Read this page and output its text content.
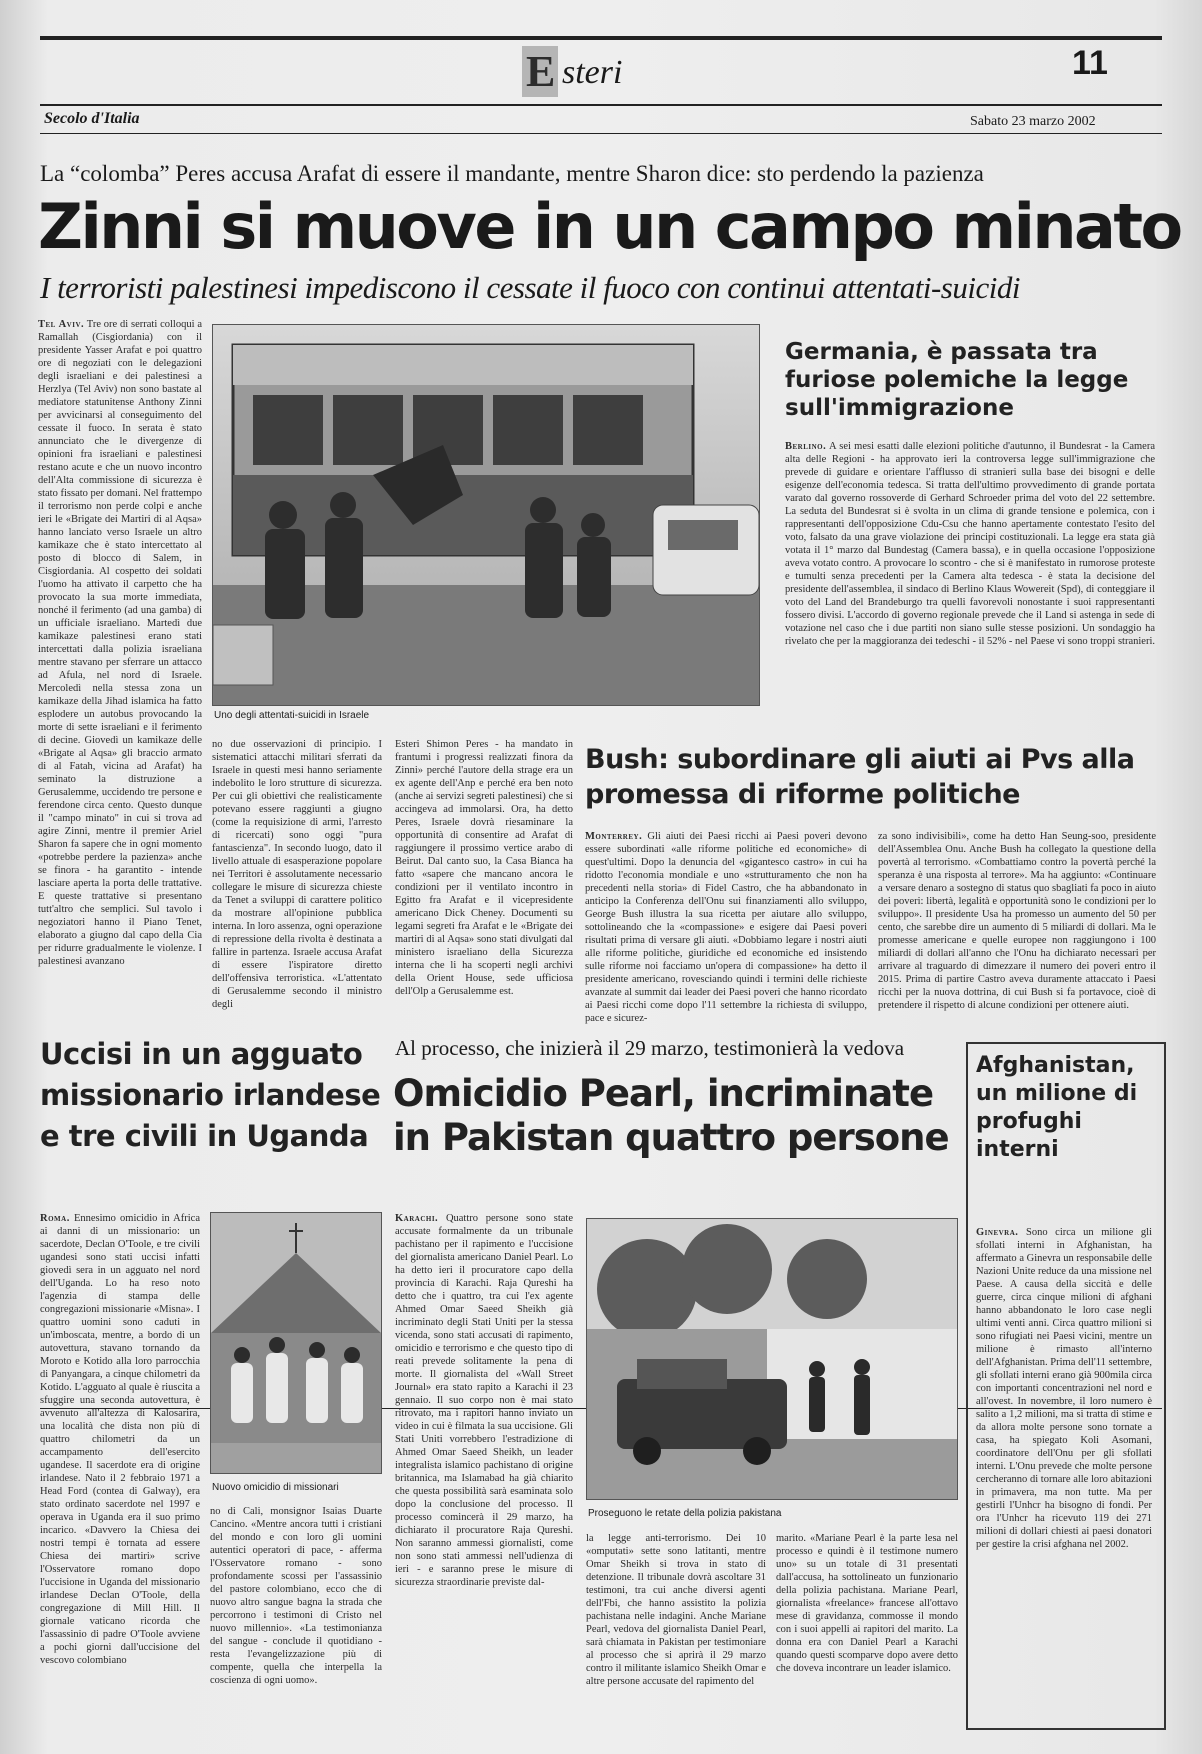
E steri	11
Secolo d'Italia	Sabato 23 marzo 2002
La “colomba” Peres accusa Arafat di essere il mandante, mentre Sharon dice: sto perdendo la pazienza
Zinni si muove in un campo minato
I terroristi palestinesi impediscono il cessate il fuoco con continui attentati-suicidi
Tel Aviv. Tre ore di serrati colloqui a Ramallah (Cisgiordania) con il presidente Yasser Arafat e poi quattro ore di negoziati con le delegazioni degli israeliani e dei palestinesi a Herzlya (Tel Aviv) non sono bastate al mediatore statunitense Anthony Zinni per avvicinarsi al conseguimento del cessate il fuoco. In serata è stato annunciato che le divergenze di opinioni fra israeliani e palestinesi restano acute e che un nuovo incontro dell'Alta commissione di sicurezza è stato fissato per domani. Nel frattempo il terrorismo non perde colpi e anche ieri le «Brigate dei Martiri di al Aqsa» hanno lanciato verso Israele un altro kamikaze che è stato intercettato al posto di blocco di Salem, in Cisgiordania. Al cospetto dei soldati l'uomo ha attivato il carpetto che ha provocato la sua morte immediata, nonché il ferimento (ad una gamba) di un ufficiale israeliano. Martedì due kamikaze palestinesi erano stati intercettati dalla polizia israeliana mentre stavano per sferrare un attacco ad Afula, nel nord di Israele. Mercoledì nella stessa zona un kamikaze della Jihad islamica ha fatto esplodere un autobus provocando la morte di sette israeliani e il ferimento di decine. Giovedì un kamikaze delle «Brigate al Aqsa» gli braccio armato di al Fatah, vicina ad Arafat) ha seminato la distruzione a Gerusalemme, uccidendo tre persone e ferendone circa cento. Questo dunque il "campo minato" in cui si trova ad agire Zinni, mentre il premier Ariel Sharon fa sapere che in ogni momento «potrebbe perdere la pazienza» anche se finora - ha garantito - intende lasciare aperta la porta delle trattative. E queste trattative si presentano tutt'altro che semplici. Sul tavolo i negoziatori hanno il Piano Tenet, elaborato a giugno dal capo della Cia per ridurre gradualmente le violenze. I palestinesi avanzano
Uno degli attentati-suicidi in Israele
no due osservazioni di principio. I sistematici attacchi militari sferrati da Israele in questi mesi hanno seriamente indebolito le loro strutture di sicurezza. Per cui gli obiettivi che realisticamente potevano essere raggiunti a giugno (come la requisizione di armi, l'arresto di ricercati) sono oggi "pura fantascienza". In secondo luogo, dato il livello attuale di esasperazione popolare nei Territori è assolutamente necessario collegare le misure di sicurezza chieste da Tenet a sviluppi di carattere politico da mostrare all'opinione pubblica interna. In loro assenza, ogni operazione di repressione della rivolta è destinata a fallire in partenza. Israele accusa Arafat di essere l'ispiratore diretto dell'offensiva terroristica. «L'attentato di Gerusalemme secondo il ministro degli
Esteri Shimon Peres - ha mandato in frantumi i progressi realizzati finora da Zinni» perché l'autore della strage era un ex agente dell'Anp e perché era ben noto (anche ai servizi segreti palestinesi) che si accingeva ad immolarsi. Ora, ha detto Peres, Israele dovrà riesaminare la opportunità di consentire ad Arafat di raggiungere il prossimo vertice arabo di Beirut. Dal canto suo, la Casa Bianca ha fatto «sapere che mancano ancora le condizioni per il ventilato incontro in Egitto fra Arafat e il vicepresidente americano Dick Cheney. Documenti su legami segreti fra Arafat e le «Brigate dei martiri di al Aqsa» sono stati divulgati dal ministero israeliano della Sicurezza interna che li ha scoperti negli archivi della Orient House, sede ufficiosa dell'Olp a Gerusalemme est.
Germania, è passata tra furiose polemiche la legge sull'immigrazione
Berlino. A sei mesi esatti dalle elezioni politiche d'autunno, il Bundesrat - la Camera alta delle Regioni - ha approvato ieri la controversa legge sull'immigrazione che prevede di guidare e orientare l'afflusso di stranieri sulla base dei bisogni e delle esigenze dell'economia tedesca. Si tratta dell'ultimo provvedimento di grande portata varato dal governo rossoverde di Gerhard Schroeder prima del voto del 22 settembre. La seduta del Bundesrat si è svolta in un clima di grande tensione e polemica, con i rappresentanti dell'opposizione Cdu-Csu che hanno apertamente contestato l'esito del voto, falsato da una grave violazione dei principi costituzionali. La legge era stata già votata il 1° marzo dal Bundestag (Camera bassa), e in quella occasione l'opposizione aveva votato contro. A provocare lo scontro - che si è manifestato in rumorose proteste e tumulti senza precedenti per la Camera alta tedesca - è stata la decisione del presidente dell'assemblea, il sindaco di Berlino Klaus Wowereit (Spd), di conteggiare il voto del Land del Brandeburgo tra quelli favorevoli nonostante i suoi rappresentanti fossero divisi. L'accordo di governo regionale prevede che il Land si astenga in sede di votazione nel caso che i due partiti non siano sulle stesse posizioni. Un sondaggio ha rivelato che per la maggioranza dei tedeschi - il 52% - nel Paese vi sono troppi stranieri.
Bush: subordinare gli aiuti ai Pvs alla promessa di riforme politiche
Monterrey. Gli aiuti dei Paesi ricchi ai Paesi poveri devono essere subordinati «alle riforme politiche ed economiche» di quest'ultimi. Dopo la denuncia del «gigantesco castro» in cui ha ridotto l'economia mondiale e uno «strutturamento che non ha precedenti nella storia» di Fidel Castro, che ha abbandonato in anticipo la Conferenza dell'Onu sui finanziamenti allo sviluppo, George Bush illustra la sua ricetta per aiutare allo sviluppo, sottolineando che la «compassione» e esigere dai Paesi poveri risultati prima di versare gli aiuti. «Dobbiamo legare i nostri aiuti alle riforme politiche, giuridiche ed economiche ed insistendo sulle riforme noi facciamo un'opera di compassione» ha detto il presidente americano, rovesciando quindi i termini delle richieste avanzate al summit dai leader dei Paesi poveri che hanno ricordato ai Paesi ricchi come dopo l'11 settembre la richiesta di sviluppo, pace e sicurez-
za sono indivisibili», come ha detto Han Seung-soo, presidente dell'Assemblea Onu. Anche Bush ha collegato la questione della povertà al terrorismo. «Combattiamo contro la povertà perché la speranza è una risposta al terrore». Ma ha aggiunto: «Continuare a versare denaro a sostegno di status quo sbagliati fa poco in aiuto dei poveri: libertà, legalità e opportunità sono le condizioni per lo sviluppo». Il presidente Usa ha promesso un aumento del 50 per cento, che sarebbe dire un aumento di 5 miliardi di dollari. Ma le promesse americane e quelle europee non raggiungono i 100 miliardi di dollari all'anno che l'Onu ha dichiarato necessari per arrivare al traguardo di dimezzare il numero dei poveri entro il 2015. Prima di partire Castro aveva duramente attaccato i Paesi ricchi per la nuova dottrina, di cui Bush si fa portavoce, cioè di pretendere il rispetto di alcune condizioni per ottenere aiuti.
Uccisi in un agguato missionario irlandese e tre civili in Uganda
Roma. Ennesimo omicidio in Africa ai danni di un missionario: un sacerdote, Declan O'Toole, e tre civili ugandesi sono stati uccisi infatti giovedì sera in un agguato nel nord dell'Uganda. Lo ha reso noto l'agenzia di stampa delle congregazioni missionarie «Misna». I quattro uomini sono caduti in un'imboscata, mentre, a bordo di un autovettura, stavano tornando da Moroto e Kotido alla loro parrocchia di Panyangara, a cinque chilometri da Kotido. L'agguato al quale è riuscita a sfuggire una seconda autovettura, è avvenuto all'altezza di Kalosarira, una località che dista non più di quattro chilometri da un accampamento dell'esercito ugandese. Il sacerdote era di origine irlandese. Nato il 2 febbraio 1971 a Head Ford (contea di Galway), era stato ordinato sacerdote nel 1997 e operava in Uganda era il suo primo incarico. «Davvero la Chiesa dei nostri tempi è tornata ad essere Chiesa dei martiri» scrive l'Osservatore romano dopo l'uccisione in Uganda del missionario irlandese Declan O'Toole, della congregazione di Mill Hill. Il giornale vaticano ricorda che l'assassinio di padre O'Toole avviene a pochi giorni dall'uccisione del vescovo colombiano
Nuovo omicidio di missionari
no di Cali, monsignor Isaias Duarte Cancino. «Mentre ancora tutti i cristiani del mondo e con loro gli uomini autentici operatori di pace, - afferma l'Osservatore romano - sono profondamente scossi per l'assassinio del pastore colombiano, ecco che di nuovo altro sangue bagna la strada che percorrono i testimoni di Cristo nel nuovo millennio». «La testimonianza del sangue - conclude il quotidiano - resta l'evangelizzazione più di compente, quella che interpella la coscienza di ogni uomo».
Al processo, che inizierà il 29 marzo, testimonierà la vedova
Omicidio Pearl, incriminate in Pakistan quattro persone
Karachi. Quattro persone sono state accusate formalmente da un tribunale pachistano per il rapimento e l'uccisione del giornalista americano Daniel Pearl. Lo ha detto ieri il procuratore capo della provincia di Karachi. Raja Qureshi ha detto che i quattro, tra cui l'ex agente Ahmed Omar Saeed Sheikh già incriminato degli Stati Uniti per la stessa vicenda, sono stati accusati di rapimento, omicidio e terrorismo e che questo tipo di reati prevede solitamente la pena di morte. Il giornalista del «Wall Street Journal» era stato rapito a Karachi il 23 gennaio. Il suo corpo non è mai stato ritrovato, ma i rapitori hanno inviato un video in cui è filmata la sua uccisione. Gli Stati Uniti vorrebbero l'estradizione di Ahmed Omar Saeed Sheikh, un leader integralista islamico pachistano di origine britannica, ma Islamabad ha già chiarito che questa possibilità sarà esaminata solo dopo la conclusione del processo. Il processo comincerà il 29 marzo, ha dichiarato il procuratore Raja Qureshi. Non saranno ammessi giornalisti, come non sono stati ammessi nell'udienza di ieri - e saranno prese le misure di sicurezza straordinarie previste dal-
Proseguono le retate della polizia pakistana
la legge anti-terrorismo. Dei 10 «omputati» sette sono latitanti, mentre Omar Sheikh si trova in stato di detenzione. Il tribunale dovrà ascoltare 31 testimoni, tra cui anche diversi agenti dell'Fbi, che hanno assistito la polizia pachistana nelle indagini. Anche Mariane Pearl, vedova del giornalista Daniel Pearl, sarà chiamata in Pakistan per testimoniare al processo che si aprirà il 29 marzo contro il militante islamico Sheikh Omar e altre persone accusate del rapimento del
marito. «Mariane Pearl è la parte lesa nel processo e quindi è il testimone numero uno» su un totale di 31 presentati dall'accusa, ha sottolineato un funzionario della polizia pachistana. Mariane Pearl, giornalista «freelance» francese all'ottavo mese di gravidanza, commosse il mondo con i suoi appelli ai rapitori del marito. La donna era con Daniel Pearl a Karachi quando questi scomparve dopo avere detto che doveva incontrare un leader islamico.
Afghanistan, un milione di profughi interni
Ginevra. Sono circa un milione gli sfollati interni in Afghanistan, ha affermato a Ginevra un responsabile delle Nazioni Unite reduce da una missione nel Paese. A causa della siccità e delle guerre, circa cinque milioni di afghani hanno abbandonato le loro case negli ultimi venti anni. Circa quattro milioni si sono rifugiati nei Paesi vicini, mentre un milione è rimasto all'interno dell'Afghanistan. Prima dell'11 settembre, gli sfollati interni erano già 900mila circa con importanti concentrazioni nel nord e all'ovest. In novembre, il loro numero è salito a 1,2 milioni, ma si tratta di stime e da allora molte persone sono tornate a casa, ha spiegato Koli Asomani, coordinatore dell'Onu per gli sfollati interni. L'Onu prevede che molte persone cercheranno di tornare alle loro abitazioni in primavera, ma non tutte. Ma per gestirli l'Unhcr ha bisogno di fondi. Per ora l'Unhcr ha ricevuto 119 dei 271 milioni di dollari chiesti ai paesi donatori per gestire la crisi afghana nel 2002.
